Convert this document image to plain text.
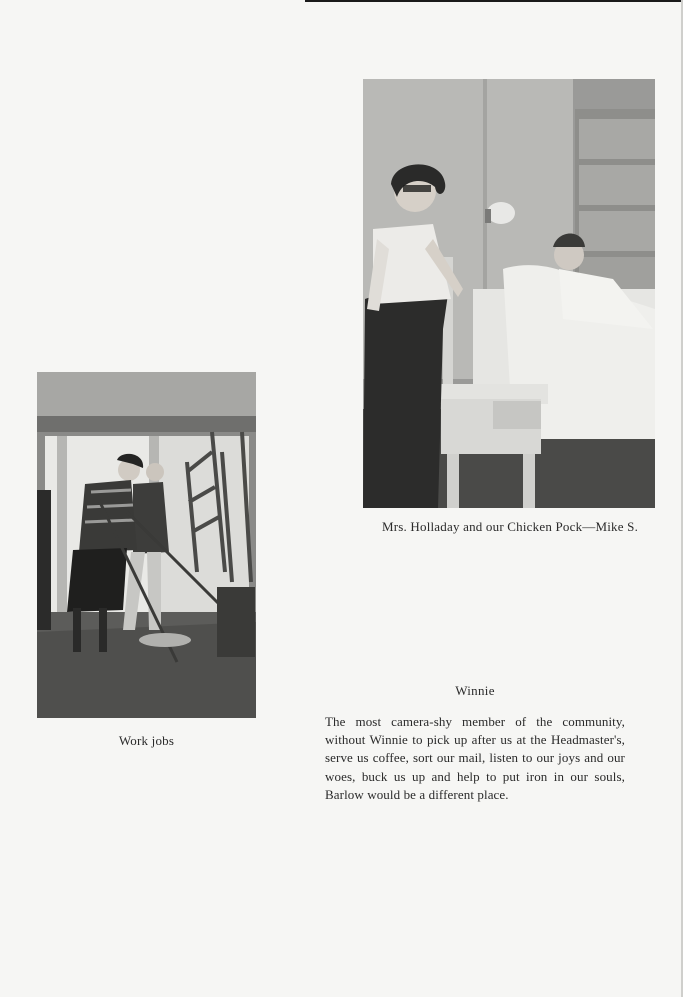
Mrs. Holladay and our Chicken Pock—Mike S.
Work jobs
Winnie
The most camera-shy member of the community, without Winnie to pick up after us at the Headmaster's, serve us coffee, sort our mail, listen to our joys and our woes, buck us up and help to put iron in our souls, Barlow would be a different place.
